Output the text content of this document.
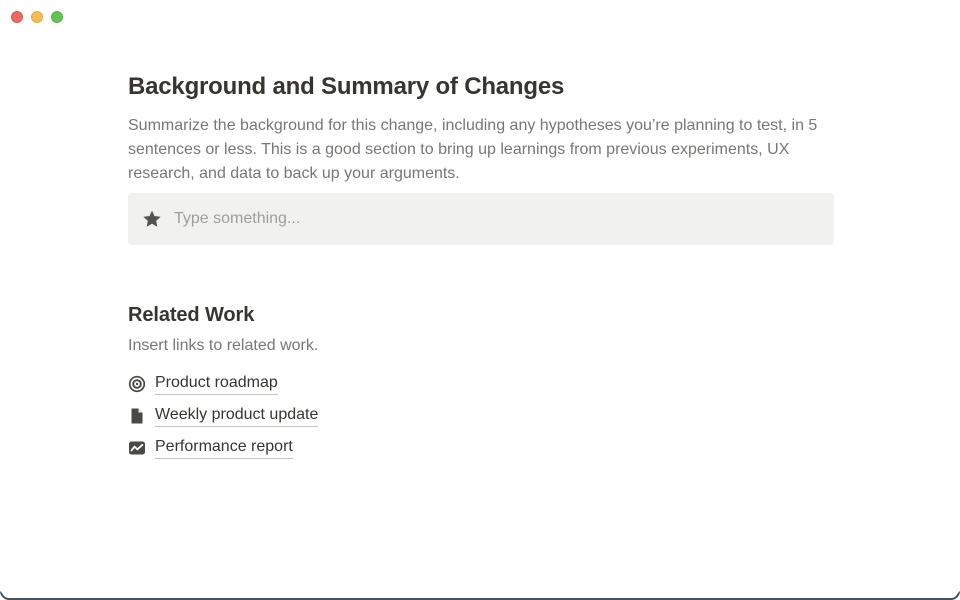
Background and Summary of Changes

Summarize the background for this change, including any hypotheses you’re planning to test, in 5 sentences or less. This is a good section to bring up learnings from previous experiments, UX research, and data to back up your arguments.

Type something...
Related Work

Insert links to related work.

Product roadmap
Weekly product update
Performance report
